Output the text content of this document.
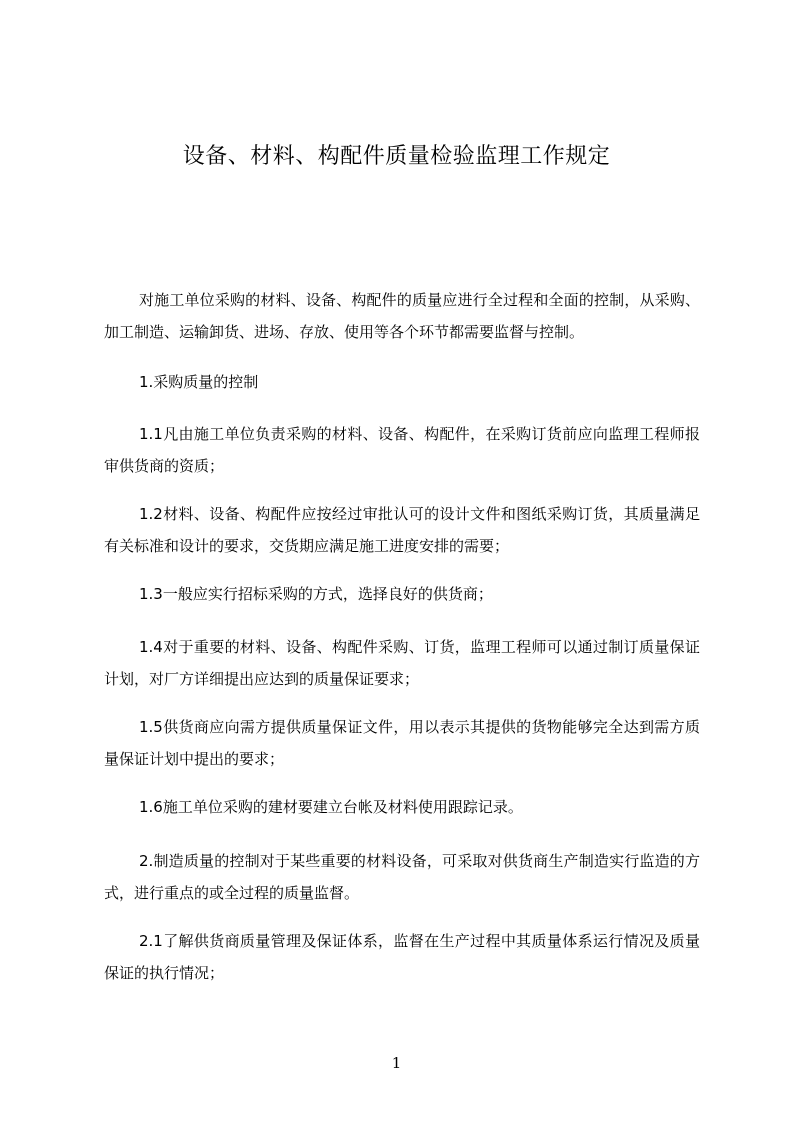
设备、材料、构配件质量检验监理工作规定

对施工单位采购的材料、设备、构配件的质量应进行全过程和全面的控制，从采购、加工制造、运输卸货、进场、存放、使用等各个环节都需要监督与控制。

1.采购质量的控制

1.1凡由施工单位负责采购的材料、设备、构配件，在采购订货前应向监理工程师报审供货商的资质；

1.2材料、设备、构配件应按经过审批认可的设计文件和图纸采购订货，其质量满足有关标准和设计的要求，交货期应满足施工进度安排的需要；

1.3一般应实行招标采购的方式，选择良好的供货商；

1.4对于重要的材料、设备、构配件采购、订货，监理工程师可以通过制订质量保证计划，对厂方详细提出应达到的质量保证要求；

1.5供货商应向需方提供质量保证文件，用以表示其提供的货物能够完全达到需方质量保证计划中提出的要求；

1.6施工单位采购的建材要建立台帐及材料使用跟踪记录。

2.制造质量的控制对于某些重要的材料设备，可采取对供货商生产制造实行监造的方式，进行重点的或全过程的质量监督。

2.1了解供货商质量管理及保证体系，监督在生产过程中其质量体系运行情况及质量保证的执行情况；

1
